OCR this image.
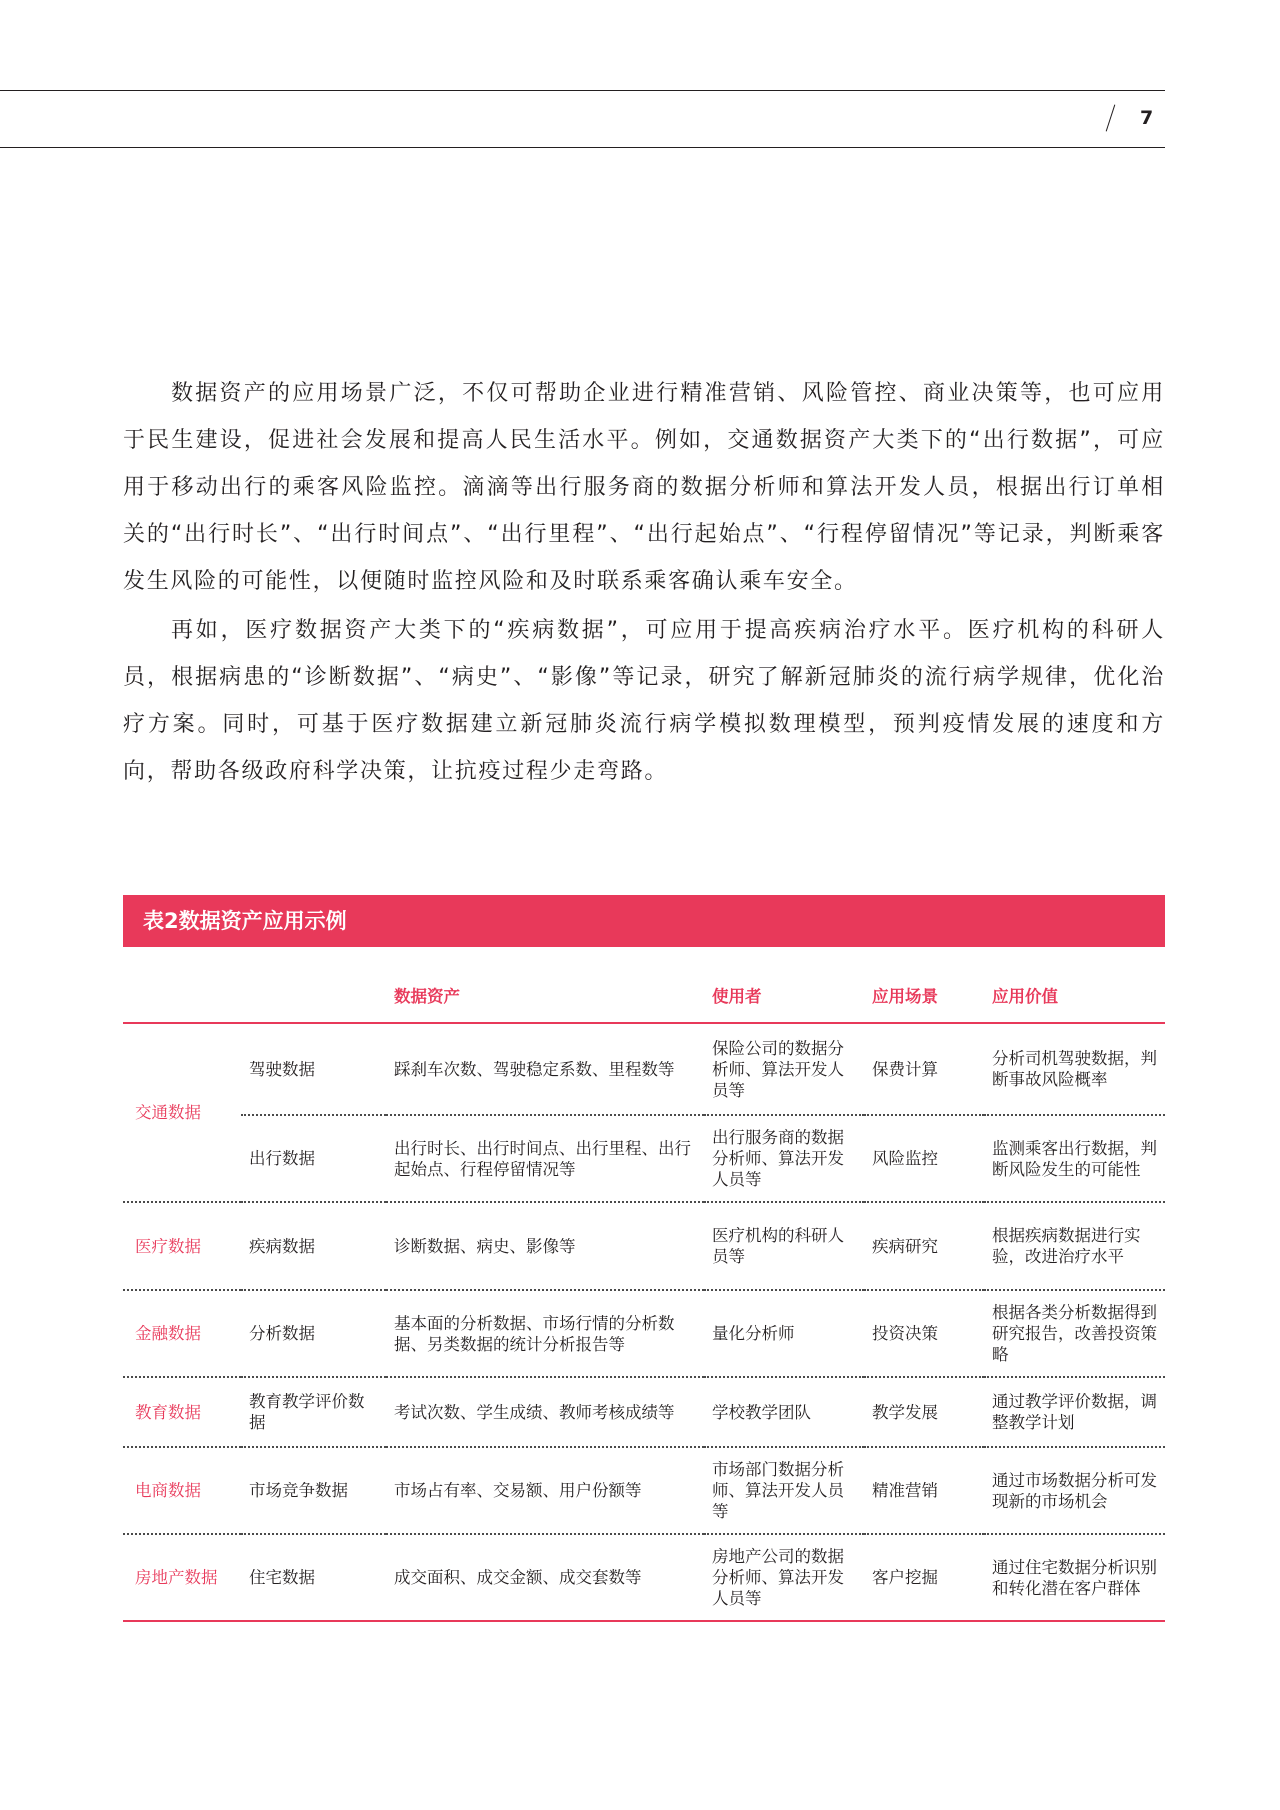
7

数据资产的应用场景广泛，不仅可帮助企业进行精准营销、风险管控、商业决策等，也可应用于民生建设，促进社会发展和提高人民生活水平。例如，交通数据资产大类下的“出行数据”，可应用于移动出行的乘客风险监控。滴滴等出行服务商的数据分析师和算法开发人员，根据出行订单相关的“出行时长”、“出行时间点”、“出行里程”、“出行起始点”、“行程停留情况”等记录，判断乘客发生风险的可能性，以便随时监控风险和及时联系乘客确认乘车安全。

再如，医疗数据资产大类下的“疾病数据”，可应用于提高疾病治疗水平。医疗机构的科研人员，根据病患的“诊断数据”、“病史”、“影像”等记录，研究了解新冠肺炎的流行病学规律，优化治疗方案。同时，可基于医疗数据建立新冠肺炎流行病学模拟数理模型，预判疫情发展的速度和方向，帮助各级政府科学决策，让抗疫过程少走弯路。

表2数据资产应用示例
		数据资产	使用者	应用场景	应用价值
交通数据	驾驶数据	踩刹车次数、驾驶稳定系数、里程数等	保险公司的数据分析师、算法开发人员等	保费计算	分析司机驾驶数据，判断事故风险概率
	出行数据	出行时长、出行时间点、出行里程、出行起始点、行程停留情况等	出行服务商的数据分析师、算法开发人员等	风险监控	监测乘客出行数据，判断风险发生的可能性
医疗数据	疾病数据	诊断数据、病史、影像等	医疗机构的科研人员等	疾病研究	根据疾病数据进行实验，改进治疗水平
金融数据	分析数据	基本面的分析数据、市场行情的分析数据、另类数据的统计分析报告等	量化分析师	投资决策	根据各类分析数据得到研究报告，改善投资策略
教育数据	教育教学评价数据	考试次数、学生成绩、教师考核成绩等	学校教学团队	教学发展	通过教学评价数据，调整教学计划
电商数据	市场竞争数据	市场占有率、交易额、用户份额等	市场部门数据分析师、算法开发人员等	精准营销	通过市场数据分析可发现新的市场机会
房地产数据	住宅数据	成交面积、成交金额、成交套数等	房地产公司的数据分析师、算法开发人员等	客户挖掘	通过住宅数据分析识别和转化潜在客户群体
